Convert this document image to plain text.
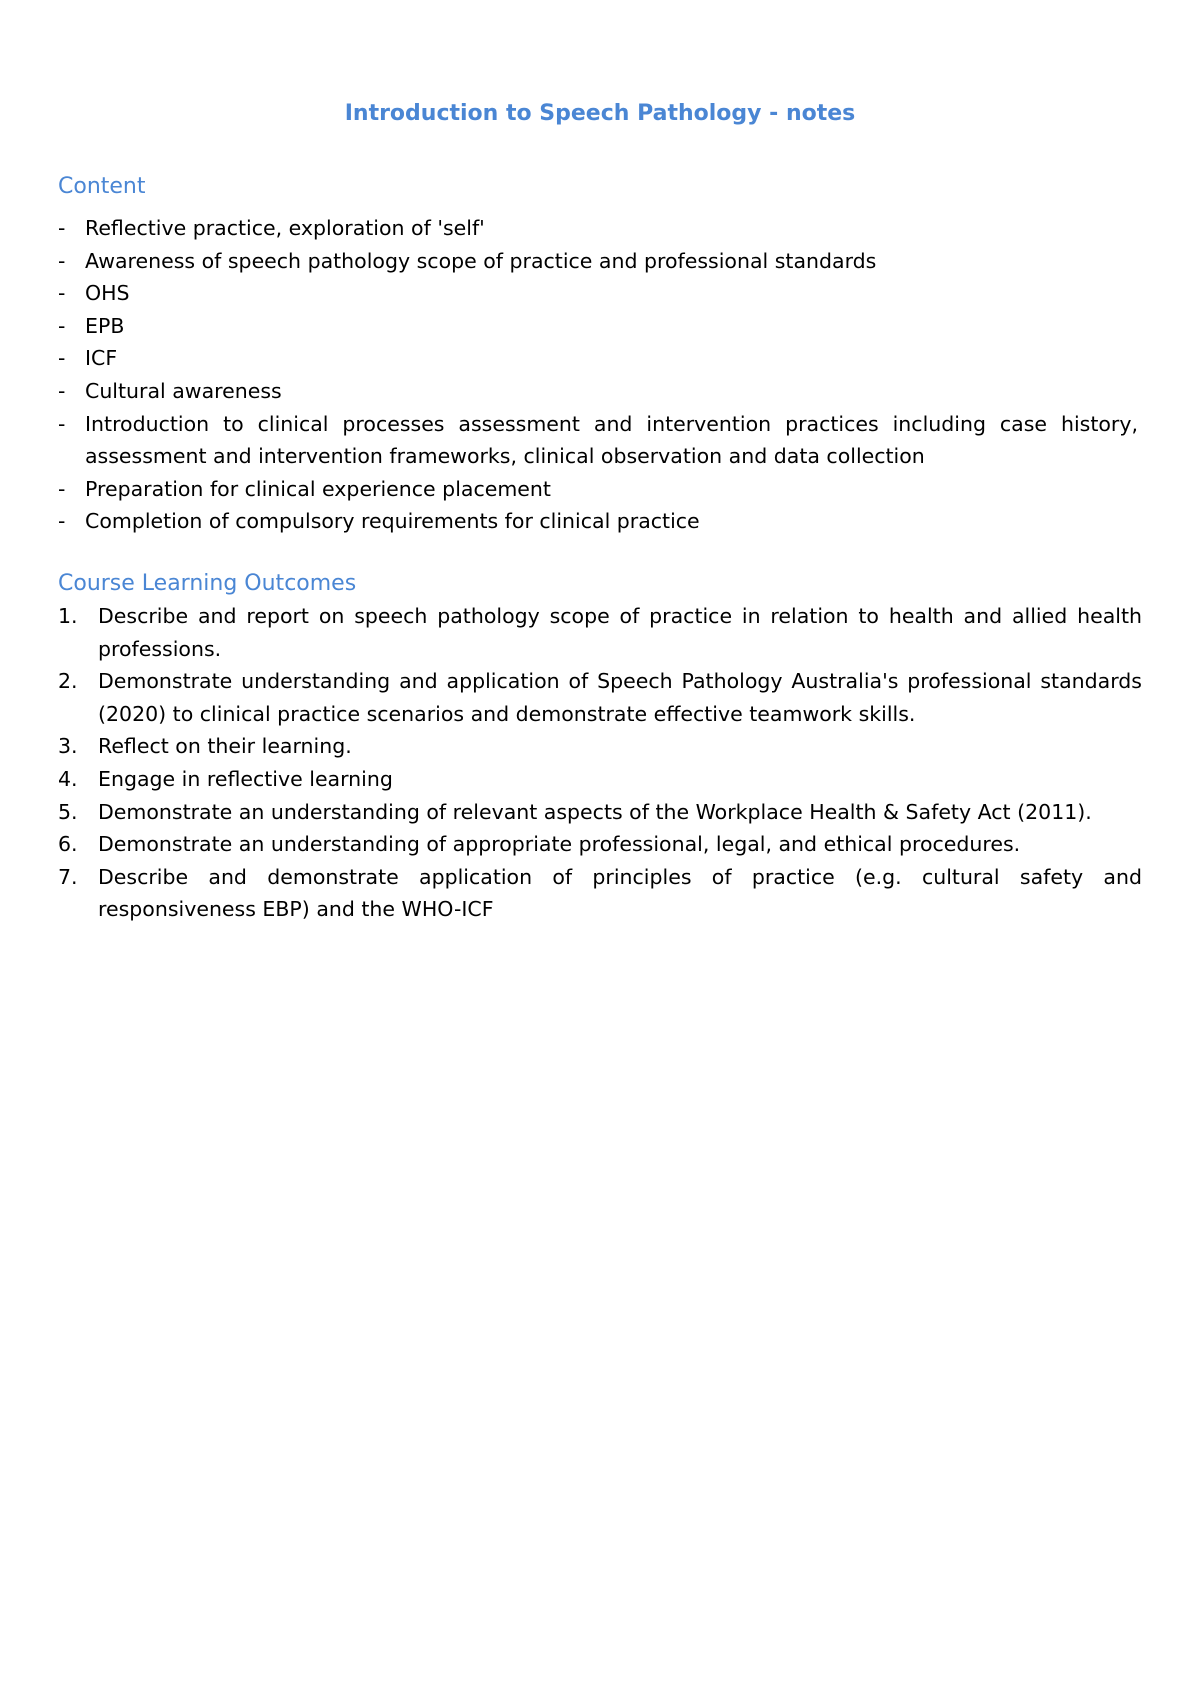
Introduction to Speech Pathology - notes
Content
- Reflective practice, exploration of 'self'
- Awareness of speech pathology scope of practice and professional standards
- OHS
- EPB
- ICF
- Cultural awareness
- Introduction to clinical processes assessment and intervention practices including case history, assessment and intervention frameworks, clinical observation and data collection
- Preparation for clinical experience placement
- Completion of compulsory requirements for clinical practice
Course Learning Outcomes
1. Describe and report on speech pathology scope of practice in relation to health and allied health professions.
2. Demonstrate understanding and application of Speech Pathology Australia's professional standards (2020) to clinical practice scenarios and demonstrate effective teamwork skills.
3. Reflect on their learning.
4. Engage in reflective learning
5. Demonstrate an understanding of relevant aspects of the Workplace Health & Safety Act (2011).
6. Demonstrate an understanding of appropriate professional, legal, and ethical procedures.
7. Describe and demonstrate application of principles of practice (e.g. cultural safety and responsiveness EBP) and the WHO-ICF
